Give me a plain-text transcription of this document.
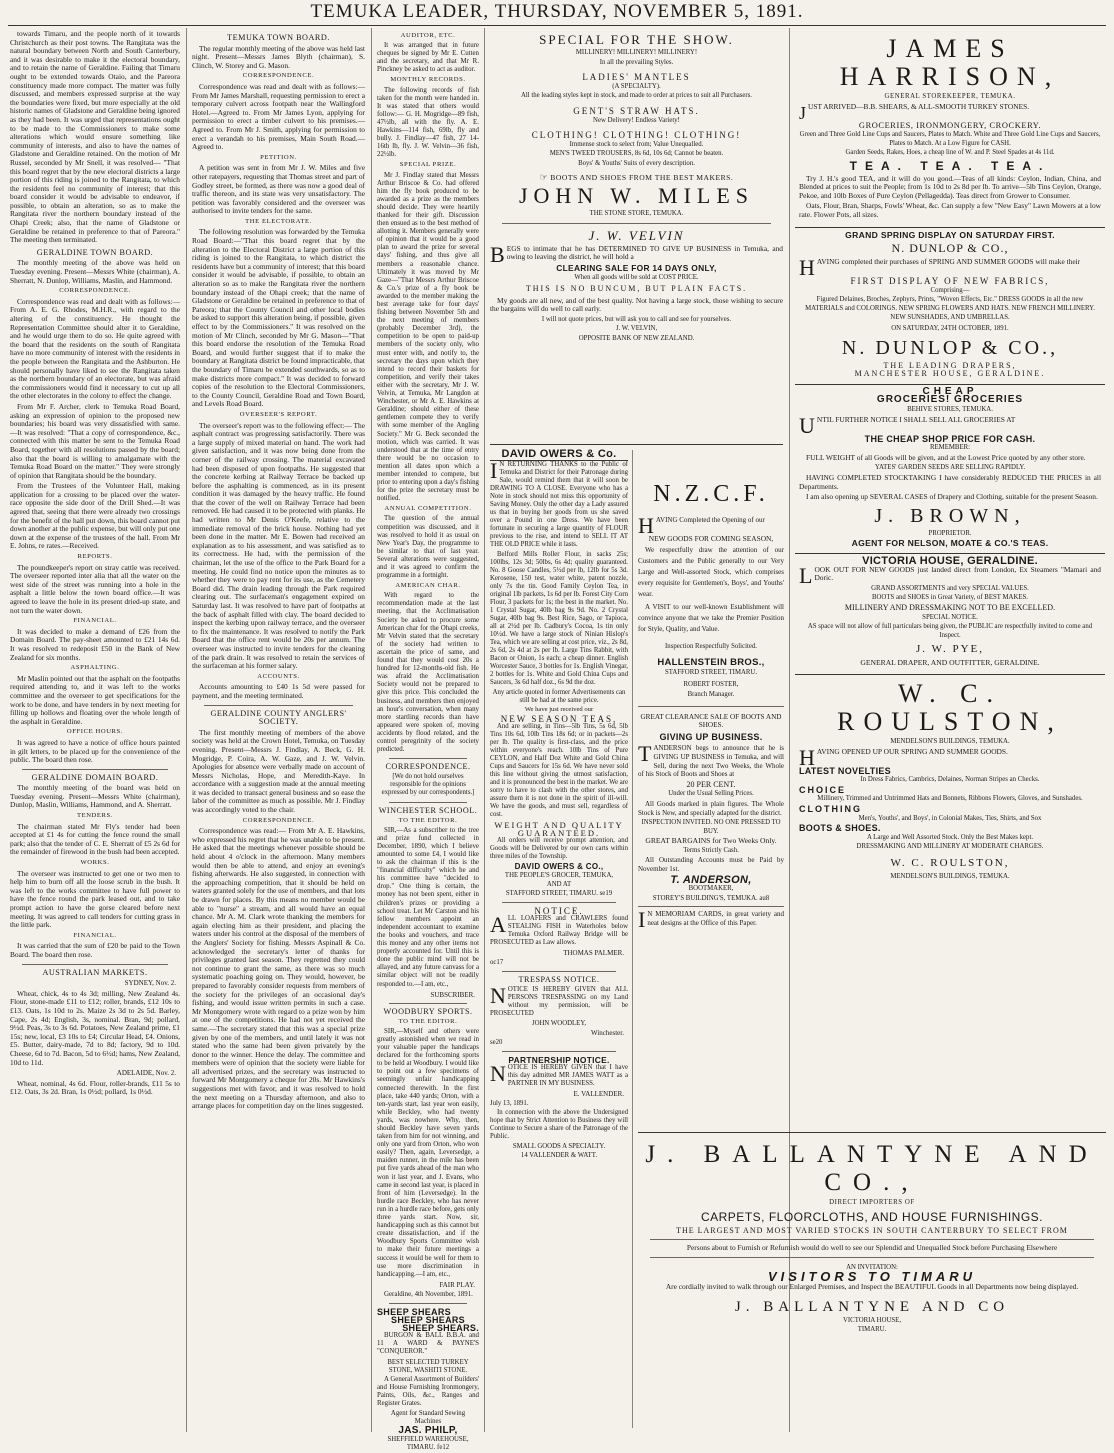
TEMUKA LEADER, THURSDAY, NOVEMBER 5, 1891.

towards Timaru, and the people north of it towards Christchurch as their post towns. The Rangitata was the natural boundary between North and South Canterbury, and it was desirable to make it the electoral boundary, and to retain the name of Geraldine. Failing that Timaru ought to be extended towards Otaio, and the Pareora constituency made more compact. The matter was fully discussed, and members expressed surprise at the way the boundaries were fixed, but more especially at the old historic names of Gladstone and Geraldine being ignored as they had been. It was urged that representations ought to be made to the Commissioners to make some alterations which would ensure something like community of interests, and also to have the names of Gladstone and Geraldine retained. On the motion of Mr Russel, seconded by Mr Snell, it was resolved— "That this board regret that by the new electoral districts a large portion of this riding is joined to the Rangitata, to which the residents feel no community of interest; that this board consider it would be advisable to endeavor, if possible, to obtain an alteration, so as to make the Rangitata river the northern boundary instead of the Ohapi Creek; also, that the name of Gladstone or Geraldine be retained in preference to that of Pareora." The meeting then terminated.

GERALDINE TOWN BOARD.

The monthly meeting of the above was held on Tuesday evening. Present—Messrs White (chairman), A. Sherratt, N. Dunlop, Williams, Maslin, and Hammond.

CORRESPONDENCE.

Correspondence was read and dealt with as follows:— From A. E. G. Rhodes, M.H.R., with regard to the altering of the constituency. He thought the Representation Committee should alter it to Geraldine, and he would urge them to do so. He quite agreed with the board that the residents on the south of Rangitata have no more community of interest with the residents in the people between the Rangitata and the Ashburton. He should personally have liked to see the Rangitata taken as the northern boundary of an electorate, but was afraid the commissioners would find it necessary to cut up all the other electorates in the colony to effect the change.

From Mr F. Archer, clerk to Temuka Road Board, asking an expression of opinion to the proposed new boundaries; his board was very dissatisfied with same. —It was resolved: "That a copy of correspondence, &c., connected with this matter be sent to the Temuka Road Board, together with all resolutions passed by the board; also that the board is willing to amalgamate with the Temuka Road Board on the matter." They were strongly of opinion that Rangitata should be the boundary.

From the Trustees of the Volunteer Hall, making application for a crossing to be placed over the water-race opposite the side door of the Drill Shed.—It was agreed that, seeing that there were already two crossings for the benefit of the hall put down, this board cannot put down another at the public expense, but will only put one down at the expense of the trustees of the hall. From Mr E. Johns, re rates.—Received.

REPORTS.

The poundkeeper's report on stray cattle was received. The overseer reported inter alia that all the water on the west side of the street was running into a hole in the asphalt a little below the town board office.—It was agreed to leave the hole in its present dried-up state, and not turn the water down.

FINANCIAL.

It was decided to make a demand of £26 from the Domain Board. The pay-sheet amounted to £21 14s 6d. It was resolved to redeposit £50 in the Bank of New Zealand for six months.

ASPHALTING.

Mr Maslin pointed out that the asphalt on the footpaths required attending to, and it was left to the works committee and the overseer to get specifications for the work to be done, and have tenders in by next meeting for filling up hollows and floating over the whole length of the asphalt in Geraldine.

OFFICE HOURS.

It was agreed to have a notice of office hours painted in gilt letters, to be placed up for the convenience of the public. The board then rose.

GERALDINE DOMAIN BOARD.

The monthly meeting of the board was held on Tuesday evening. Present—Messrs White (chairman), Dunlop, Maslin, Williams, Hammond, and A. Sherratt.

TENDERS.

The chairman stated Mr Fly's tender had been accepted at £1 4s for cutting the fence round the small park; also that the tender of C. E. Sherratt of £5 2s 6d for the remainder of firewood in the bush had been accepted.

WORKS.

The overseer was instructed to get one or two men to help him to burn off all the loose scrub in the bush. It was left to the works committee to have full power to have the fence round the park leased out, and to take prompt action to have the gorse cleared before next meeting. It was agreed to call tenders for cutting grass in the little park.

FINANCIAL.

It was carried that the sum of £20 be paid to the Town Board. The board then rose.

AUSTRALIAN MARKETS.
SYDNEY, Nov. 2.

Wheat, chick, 4s to 4s 3d; milling, New Zealand 4s. Flour, stone-made £11 to £12; roller, brands, £12 10s to £13. Oats, 1s 10d to 2s. Maize 2s 3d to 2s 5d. Barley, Cape, 2s 4d; English, 3s, nominal. Bran, 9d; pollard, 9½d. Peas, 3s to 3s 6d. Potatoes, New Zealand prime, £1 15s; new, local, £3 10s to £4; Circular Head, £4. Onions, £5. Butter, dairy-made, 7d to 8d; factory, 9d to 10d. Cheese, 6d to 7d. Bacon, 5d to 6½d; hams, New Zealand, 10d to 11d.

ADELAIDE, Nov. 2.

Wheat, nominal, 4s 6d. Flour, roller-brands, £11 5s to £12. Oats, 3s 2d. Bran, 1s 0½d; pollard, 1s 0½d.

TEMUKA TOWN BOARD.

The regular monthly meeting of the above was held last night. Present—Messrs James Blyth (chairman), S. Clinch, W. Storey and G. Mason.

CORRESPONDENCE.

Correspondence was read and dealt with as follows:— From Mr James Marshall, requesting permission to erect a temporary culvert across footpath near the Wallingford Hotel.—Agreed to. From Mr James Lyon, applying for permission to erect a timber culvert to his premises.—Agreed to. From Mr J. Smith, applying for permission to erect a verandah to his premises, Main South Road.—Agreed to.

PETITION.

A petition was sent in from Mr J. W. Miles and five other ratepayers, requesting that Thomas street and part of Godley street, be formed, as there was now a good deal of traffic thereon, and its state was very unsatisfactory. The petition was favorably considered and the overseer was authorised to invite tenders for the same.

THE ELECTORATE.

The following resolution was forwarded by the Temuka Road Board:—"That this board regret that by the alteration to the Electoral District a large portion of this riding is joined to the Rangitata, to which district the residents have but a community of interest; that this board consider it would be advisable, if possible, to obtain an alteration so as to make the Rangitata river the northern boundary instead of the Ohapi creek; that the name of Gladstone or Geraldine be retained in preference to that of Pareora; that the County Council and other local bodies be asked to support this alteration being, if possible, given effect to by the Commissioners." It was resolved on the motion of Mr Clinch, seconded by Mr G. Mason—"That this board endorse the resolution of the Temuka Road Board, and would further suggest that if to make the boundary at Rangitata district be found impracticable, that the boundary of Timaru be extended southwards, so as to make districts more compact." It was decided to forward copies of the resolution to the Electoral Commissioners, to the County Council, Geraldine Road and Town Board, and Levels Road Board.

OVERSEER'S REPORT.

The overseer's report was to the following effect:— The asphalt contract was progressing satisfactorily. There was a large supply of mixed material on hand. The work had given satisfaction, and it was now being done from the corner of the railway crossing. The material excavated had been disposed of upon footpaths. He suggested that the concrete kerbing at Railway Terrace be backed up before the asphalting is commenced, as in its present condition it was damaged by the heavy traffic. He found that the cover of the well on Railway Terrace had been removed. He had caused it to be protected with planks. He had written to Mr Denis O'Keefe, relative to the immediate removal of the brick house. Nothing had yet been done in the matter. Mr E. Bowen had received an explanation as to his assessment, and was satisfied as to its correctness. He had, with the permission of the chairman, let the use of the office to the Park Board for a meeting. He could find no notice upon the minutes as to whether they were to pay rent for its use, as the Cemetery Board did. The drain leading through the Park required clearing out. The surfaceman's engagement expired on Saturday last. It was resolved to have part of footpaths at the back of asphalt filled with clay. The board decided to inspect the kerbing upon railway terrace, and the overseer to fix the maintenance. It was resolved to notify the Park Board that the office rent would be 20s per annum. The overseer was instructed to invite tenders for the cleaning of the park drain. It was resolved to retain the services of the surfaceman at his former salary.

ACCOUNTS.

Accounts amounting to £40 1s 5d were passed for payment, and the meeting terminated.

GERALDINE COUNTY ANGLERS' SOCIETY.

The first monthly meeting of members of the above society was held at the Crown Hotel, Temuka, on Tuesday evening. Present—Messrs J. Findlay, A. Beck, G. H. Mogridge, P. Coira, A. W. Gaze, and J. W. Velvin. Apologies for absence were verbally made on account of Messrs Nicholas, Hope, and Meredith-Kaye. In accordance with a suggestion made at the annual meeting it was decided to transact general business and so ease the labor of the committee as much as possible. Mr J. Findlay was accordingly voted to the chair.

CORRESPONDENCE.

Correspondence was read:— From Mr A. E. Hawkins, who expressed his regret that he was unable to be present. He asked that the meetings whenever possible should be held about 4 o'clock in the afternoon. Many members would then be able to attend, and enjoy an evening's fishing afterwards. He also suggested, in connection with the approaching competition, that it should be held on waters granted solely for the use of members, and that lots be drawn for places. By this means no member would be able to "nurse" a stream, and all would have an equal chance. Mr A. M. Clark wrote thanking the members for again electing him as their president, and placing the waters under his control at the disposal of the members of the Anglers' Society for fishing. Messrs Aspinall & Co. acknowledged the secretary's letter of thanks for privileges granted last season. They regretted they could not continue to grant the same, as there was so much systematic poaching going on. They would, however, be prepared to favorably consider requests from members of the society for the privileges of an occasional day's fishing, and would issue written permits in such a case. Mr Montgomery wrote with regard to a prize won by him at one of the competitions. He had not yet received the same.—The secretary stated that this was a special prize given by one of the members, and until lately it was not stated who the same had been given privately by the donor to the winner. Hence the delay. The committee and members were of opinion that the society were liable for all advertised prizes, and the secretary was instructed to forward Mr Montgomery a cheque for 20s. Mr Hawkins's suggestions met with favor, and it was resolved to hold the next meeting on a Thursday afternoon, and also to arrange places for competition day on the lines suggested.

AUDITOR, ETC.

It was arranged that in future cheques be signed by Mr E. Cutten and the secretary, and that Mr R. Pinckney be asked to act as auditor.

MONTHLY RECORDS.

The following records of fish taken for the month were handed in. It was stated that others would follow:— G. H. Mogridge—89 fish, 47½lb, all with the fly. A. E. Hawkins—114 fish, 69lb, fly and bully. J. Findlay—47 fish, 27 14-16th lb, fly. J. W. Velvin—36 fish, 22½lb.

SPECIAL PRIZE.

Mr J. Findlay stated that Messrs Arthur Briscoe & Co. had offered him the fly book produced to be awarded as a prize as the members should decide. They were heartily thanked for their gift. Discussion then ensued as to the best method of allotting it. Members generally were of opinion that it would be a good plan to award the prize for several days' fishing, and thus give all members a reasonable chance. Ultimately it was moved by Mr Gaze—"That Messrs Arthur Briscoe & Co.'s prize of a fly book be awarded to the member making the best average take for four days' fishing between November 5th and the next meeting of members (probably December 3rd), the competition to be open to paid-up members of the society only, who must enter with, and notify to, the secretary the days upon which they intend to record their baskets for competition, and verify their takes either with the secretary, Mr J. W. Velvin, at Temuka, Mr Langdon at Winchester, or Mr A. E. Hawkins at Geraldine; should either of these gentlemen compete they to verify with some member of the Angling Society." Mr G. Beck seconded the motion, which was carried. It was understood that at the time of entry there would be no occasion to mention all dates upon which a member intended to compete, but prior to entering upon a day's fishing for the prize the secretary must be notified.

ANNUAL COMPETITION.

The question of the annual competition was discussed, and it was resolved to hold it as usual on New Year's Day, the programme to be similar to that of last year. Several alterations were suggested, and it was agreed to confirm the programme in a fortnight.

AMERICAN CHAR.

With regard to the recommendation made at the last meeting, that the Acclimatisation Society be asked to procure some American char for the Ohapi creeks, Mr Velvin stated that the secretary of the society had written to ascertain the price of same, and found that they would cost 20s a hundred for 12-months-old fish. He was afraid the Acclimatisation Society would not be prepared to give this price. This concluded the business, and members then enjoyed an hour's conversation, when many more startling records than have appeared were spoken of, moving accidents by flood related, and the control peregrinity of the society predicted.

CORRESPONDENCE.
[We do not hold ourselves responsible for the opinions expressed by our correspondents.]
WINCHESTER SCHOOL.
TO THE EDITOR.

SIR,—As a subscriber to the tree and prize fund collected in December, 1890, which I believe amounted to some £4, I would like to ask the chairman if this is the "financial difficulty" which he and his committee have "decided to drop." One thing is certain, the money has not been spent, either in children's prizes or providing a school treat. Let Mr Carston and his fellow members appoint an independent accountant to examine the books and vouchers, and trace this money and any other items not properly accounted for. Until this is done the public mind will not be allayed, and any future canvass for a similar object will not be readily responded to.—I am, etc.,

SUBSCRIBER.
WOODBURY SPORTS.
TO THE EDITOR.

SIR,—Myself and others were greatly astonished when we read in your valuable paper the handicaps declared for the forthcoming sports to be held at Woodbury. I would like to point out a few specimens of seemingly unfair handicapping connected therewith. In the first place, take 440 yards; Orton, with a ten-yards start, last year won easily, while Beckley, who had twenty yards, was nowhere. Why, then, should Beckley have seven yards taken from him for not winning, and only one yard from Orton, who won easily? Then, again, Leversedge, a maiden runner, in the mile has been put five yards ahead of the man who won it last year, and J. Evans, who came in second last year, is placed in front of him (Leversedge). In the hurdle race Beckley, who has never run in a hurdle race before, gets only three yards start. Now, sir, handicapping such as this cannot but create dissatisfaction, and if the Woodbury Sports Committee wish to make their future meetings a success it would be well for them to use more discrimination in handicapping.—I am, etc.,

FAIR PLAY.

Geraldine, 4th November, 1891.

SHEEP SHEARS
SHEEP SHEARS
SHEEP SHEARS.

BURGON & BALL B.B.A. and 11 A WARD & PAYNE'S "CONQUEROR."

BEST SELECTED TURKEY STONE, WASHITI STONE.

A General Assortment of Builders' and House Furnishing Ironmongery, Paints, Oils, &c., Ranges and Register Grates.

Agent for Standard Sewing Machines
JAS. PHILP,
SHEFFIELD WAREHOUSE, TIMARU. fe12
SPECIAL FOR THE SHOW.
MILLINERY! MILLINERY! MILLINERY!
In all the prevailing Styles.
LADIES' MANTLES
(A SPECIALTY).
All the leading styles kept in stock, and made to order at prices to suit all Purchasers.
GENT'S STRAW HATS.
New Delivery! Endless Variety!
CLOTHING! CLOTHING! CLOTHING!
Immense stock to select from; Value Unequalled.
MEN'S TWEED TROUSERS, 8s 6d, 10s 6d; Cannot be beaten.
Boys' & Youths' Suits of every description.
☞ BOOTS AND SHOES FROM THE BEST MAKERS.
JOHN W. MILES
THE STONE STORE, TEMUKA.
J. W. VELVIN

BEGS to intimate that he has DETERMINED TO GIVE UP BUSINESS in Temuka, and owing to leaving the district, he will hold a

CLEARING SALE FOR 14 DAYS ONLY,
When all goods will be sold at COST PRICE.
THIS IS NO BUNCUM, BUT PLAIN FACTS.

My goods are all new, and of the best quality. Not having a large stock, those wishing to secure the bargains will do well to call early.

I will not quote prices, but will ask you to call and see for yourselves.
J. W. VELVIN,
OPPOSITE BANK OF NEW ZEALAND.
DAVID OWERS & Co.

I N RETURNING THANKS to the Public of Temuka and District for their Patronage during Sale, would remind them that it will soon be DRAWING TO A CLOSE. Everyone who has a Note in stock should not miss this opportunity of Saving Money. Only the other day a Lady assured us that in buying her goods from us she saved over a Pound in one Dress. We have been fortunate in securing a large quantity of FLOUR previous to the rise, and intend to SELL IT AT THE OLD PRICE while it lasts.

Belford Mills Roller Flour, in sacks 25s; 100lbs, 12s 3d; 50lbs, 6s 4d; quality guaranteed. No. 8 Goose Candles, 5½d per lb, 12lb for 5s 3d. Kerosene, 150 test, water white, patent nozzle, only 7s the tin. Good Family Ceylon Tea, in original 1lb packets, 1s 6d per lb. Forest City Corn Flour, 3 packets for 1s; the best in the market. No. 1 Crystal Sugar, 40lb bag 9s 9d. No. 2 Crystal Sugar, 40lb bag 9s. Best Rice, Sago, or Tapioca, all at 2½d per lb. Cadbury's Cocoa, 1s tin only 10½d. We have a large stock of Ninian Hislop's Tea, which we are selling at cost price, viz., 2s 8d, 2s 6d, 2s 4d at 2s per lb. Large Tins Rabbit, with Bacon or Onion, 1s each; a cheap dinner. English Worcester Sauce, 3 bottles for 1s. English Vinegar, 2 bottles for 1s. White and Gold China Cups and Saucers, 3s 6d half doz., 6s 9d the doz.

Any article quoted in former Advertisements can still be had at the same price.
We have just received our
NEW SEASON TEAS,

And are selling, in Tins—5lb Tins, 5s 6d, 5lb Tins 10s 6d, 10lb Tins 18s 6d; or in packets—2s per lb. The quality is first-class, and the price within everyone's reach. 10lb Tins of Pure CEYLON, and Half Doz White and Gold China Cups and Saucers for 15s 6d. We have never sold this line without giving the utmost satisfaction, and it is pronounced the best in the market. We are sorry to have to clash with the other stores, and assure them it is not done in the spirit of ill-will. We have the goods, and must sell, regardless of cost.

WEIGHT AND QUALITY GUARANTEED.

All orders will receive prompt attention, and Goods will be Delivered by our own carts within three miles of the Township.

DAVID OWERS & CO.,
THE PEOPLE'S GROCER, TEMUKA,
AND AT
STAFFORD STREET, TIMARU. se19
NOTICE.

ALL LOAFERS and CRAWLERS found STEALING FISH in Waterholes below Temuka Oxford Railway Bridge will be PROSECUTED as Law allows.

THOMAS PALMER.
oc17
TRESPASS NOTICE.

NOTICE IS HEREBY GIVEN that ALL PERSONS TRESPASSING on my Land without my permission, will be PROSECUTED

JOHN WOODLEY,
Winchester.
se20
PARTNERSHIP NOTICE.

NOTICE IS HEREBY GIVEN that I have this day admitted MR JAMES WATT as a PARTNER IN MY BUSINESS.

E. VALLENDER.
July 13, 1891.

In connection with the above the Undersigned hope that by Strict Attention to Business they will Continue to Secure a share of the Patronage of the Public.

SMALL GOODS A SPECIALTY.
14 VALLENDER & WATT.
N.Z.C.F.

HAVING Completed the Opening of our

NEW GOODS FOR COMING SEASON,

We respectfully draw the attention of our Customers and the Public generally to our Very Large and Well-assorted Stock, which comprises every requisite for Gentlemen's, Boys', and Youths' wear.

A VISIT to our well-known Establishment will convince anyone that we take the Premier Position for Style, Quality, and Value.

Inspection Respectfully Solicited.
HALLENSTEIN BROS.,
STAFFORD STREET, TIMARU.
ROBERT FOSTER,
Branch Manager.
GREAT CLEARANCE SALE OF BOOTS AND SHOES.
GIVING UP BUSINESS.

TANDERSON begs to announce that he is GIVING UP BUSINESS in Temuka, and will Sell, during the next Two Weeks, the Whole of his Stock of Boots and Shoes at

20 PER CENT.
Under the Usual Selling Prices.

All Goods marked in plain figures. The Whole Stock is New, and specially adapted for the district.

INSPECTION INVITED. NO ONE PRESSED TO BUY.
GREAT BARGAINS for Two Weeks Only.
Terms Strictly Cash.

All Outstanding Accounts must be Paid by November 1st.

T. ANDERSON,
BOOTMAKER,
STOREY'S BUILDING'S, TEMUKA. au8

I N MEMORIAM CARDS, in great variety and neat designs at the Office of this Paper.

JAMES HARRISON,
GENERAL STOREKEEPER, TEMUKA.

JUST ARRIVED—B.B. SHEARS, & ALL-SMOOTH TURKEY STONES.

GROCERIES, IRONMONGERY, CROCKERY.
Green and Three Gold Line Cups and Saucers, Plates to Match. White and Three Gold Line Cups and Saucers, Plates to Match. At a Low Figure for CASH.
Garden Seeds, Rakes, Hoes, a cheap line of W. and P. Steel Spades at 4s 11d.
TEA. TEA. TEA.

Try J. H.'s good TEA, and it will do you good.—Teas of all kinds: Ceylon, Indian, China, and Blended at prices to suit the People; from 1s 10d to 2s 8d per lb. To arrive—5lb Tins Ceylon, Orange, Pekoe, and 10lb Boxes of Pure Ceylon (Pellagedda). Teas direct from Grower to Consumer.

Oats, Flour, Bran, Sharps, Fowls' Wheat, &c. Can supply a few "New Easy" Lawn Mowers at a low rate. Flower Pots, all sizes.

GRAND SPRING DISPLAY ON SATURDAY FIRST.
N. DUNLOP & CO.,

HAVING completed their purchases of SPRING AND SUMMER GOODS will make their

FIRST DISPLAY OF NEW FABRICS,
Comprising—
Figured Delaines, Broches, Zephyrs, Prints, "Woven Effects, Etc." DRESS GOODS in all the new MATERIALS and COLORINGS. NEW SPRING FLOWERS AND HATS. NEW FRENCH MILLINERY. NEW SUNSHADES, AND UMBRELLAS.
ON SATURDAY, 24TH OCTOBER, 1891.
N. DUNLOP & CO.,
THE LEADING DRAPERS,
MANCHESTER HOUSE, GERALDINE.
CHEAP
GROCERIES! GROCERIES
BEHIVE STORES, TEMUKA.

UNTIL FURTHER NOTICE I SHALL SELL ALL GROCERIES AT

THE CHEAP SHOP PRICE FOR CASH.
REMEMBER:

FULL WEIGHT of all Goods will be given, and at the Lowest Price quoted by any other store.

YATES' GARDEN SEEDS ARE SELLING RAPIDLY.

HAVING COMPLETED STOCKTAKING I have considerably REDUCED THE PRICES in all Departments.

I am also opening up SEVERAL CASES of Drapery and Clothing, suitable for the present Season.

J. BROWN,
PROPRIETOR.
AGENT FOR NELSON, MOATE & CO.'S TEAS.
VICTORIA HOUSE, GERALDINE.

LOOK OUT FOR NEW GOODS just landed direct from London, Ex Steamers "Mamari and Doric.

GRAND ASSORTMENTS and very SPECIAL VALUES.
BOOTS and SHOES in Great Variety, of BEST MAKES.
MILLINERY AND DRESSMAKING NOT TO BE EXCELLED.
SPECIAL NOTICE.
AS space will not allow of full particulars being given, the PUBLIC are respectfully invited to come and Inspect.
J. W. PYE,
GENERAL DRAPER, AND OUTFITTER, GERALDINE.
W. C. ROULSTON,
MENDELSON'S BUILDINGS, TEMUKA.

HAVING OPENED UP OUR SPRING AND SUMMER GOODS.

LATEST NOVELTIES
In Dress Fabrics, Cambrics, Delaines, Norman Stripes an Checks.
CHOICE
Millinery, Trimmed and Untrimmed Hats and Bonnets, Ribbons Flowers, Gloves, and Sunshades.
CLOTHING
Men's, Youths', and Boys', in Colonial Makes, Ties, Shirts, and Sox
BOOTS & SHOES.
A Large and Well Assorted Stock. Only the Best Makes kept.
DRESSMAKING AND MILLINERY AT MODERATE CHARGES.
W. C. ROULSTON,
MENDELSON'S BUILDINGS, TEMUKA.
J. BALLANTYNE AND CO.,
DIRECT IMPORTERS OF
CARPETS, FLOORCLOTHS, AND HOUSE FURNISHINGS.
THE LARGEST AND MOST VARIED STOCKS IN SOUTH CANTERBURY TO SELECT FROM
Persons about to Furnish or Refurnish would do well to see our Splendid and Unequalled Stock before Purchasing Elsewhere
AN INVITATION:
VISITORS TO TIMARU
Are cordially invited to walk through our Enlarged Premises, and Inspect the BEAUTIFUL Goods in all Departments now being displayed.
J. BALLANTYNE AND CO
VICTORIA HOUSE,
TIMARU.
